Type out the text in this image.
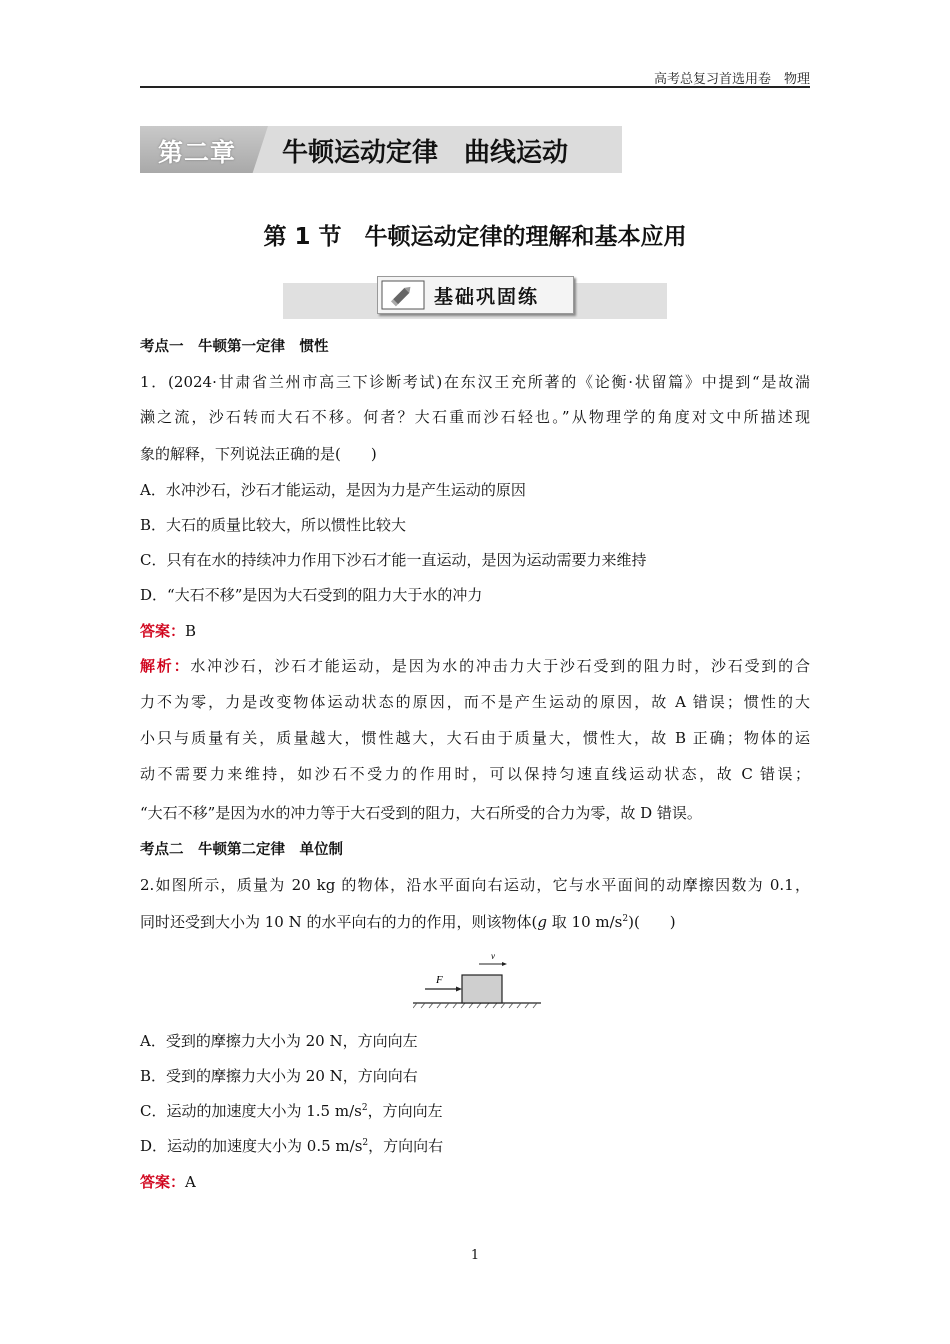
高考总复习首选用卷　物理
第二章 牛顿运动定律　曲线运动
第 1 节　牛顿运动定律的理解和基本应用
基础巩固练
考点一　牛顿第一定律　惯性
1．(2024·甘肃省兰州市高三下诊断考试)在东汉王充所著的《论衡·状留篇》中提到“是故湍
濑之流，沙石转而大石不移。何者？大石重而沙石轻也。”从物理学的角度对文中所描述现
象的解释，下列说法正确的是(　　)
A．水冲沙石，沙石才能运动，是因为力是产生运动的原因
B．大石的质量比较大，所以惯性比较大
C．只有在水的持续冲力作用下沙石才能一直运动，是因为运动需要力来维持
D．“大石不移”是因为大石受到的阻力大于水的冲力
答案：B
解析：水冲沙石，沙石才能运动，是因为水的冲击力大于沙石受到的阻力时，沙石受到的合
力不为零，力是改变物体运动状态的原因，而不是产生运动的原因，故 A 错误；惯性的大
小只与质量有关，质量越大，惯性越大，大石由于质量大，惯性大，故 B 正确；物体的运
动不需要力来维持，如沙石不受力的作用时，可以保持匀速直线运动状态，故 C 错误；
“大石不移”是因为水的冲力等于大石受到的阻力，大石所受的合力为零，故 D 错误。
考点二　牛顿第二定律　单位制
2.如图所示，质量为 20 kg 的物体，沿水平面向右运动，它与水平面间的动摩擦因数为 0.1，
同时还受到大小为 10 N 的水平向右的力的作用，则该物体(g 取 10 $m/s^2$)(　　)
F
v
A．受到的摩擦力大小为 20 N，方向向左
B．受到的摩擦力大小为 20 N，方向向右
C．运动的加速度大小为 1.5 $m/s^2$，方向向左
D．运动的加速度大小为 0.5 $m/s^2$，方向向右
答案：A
1
